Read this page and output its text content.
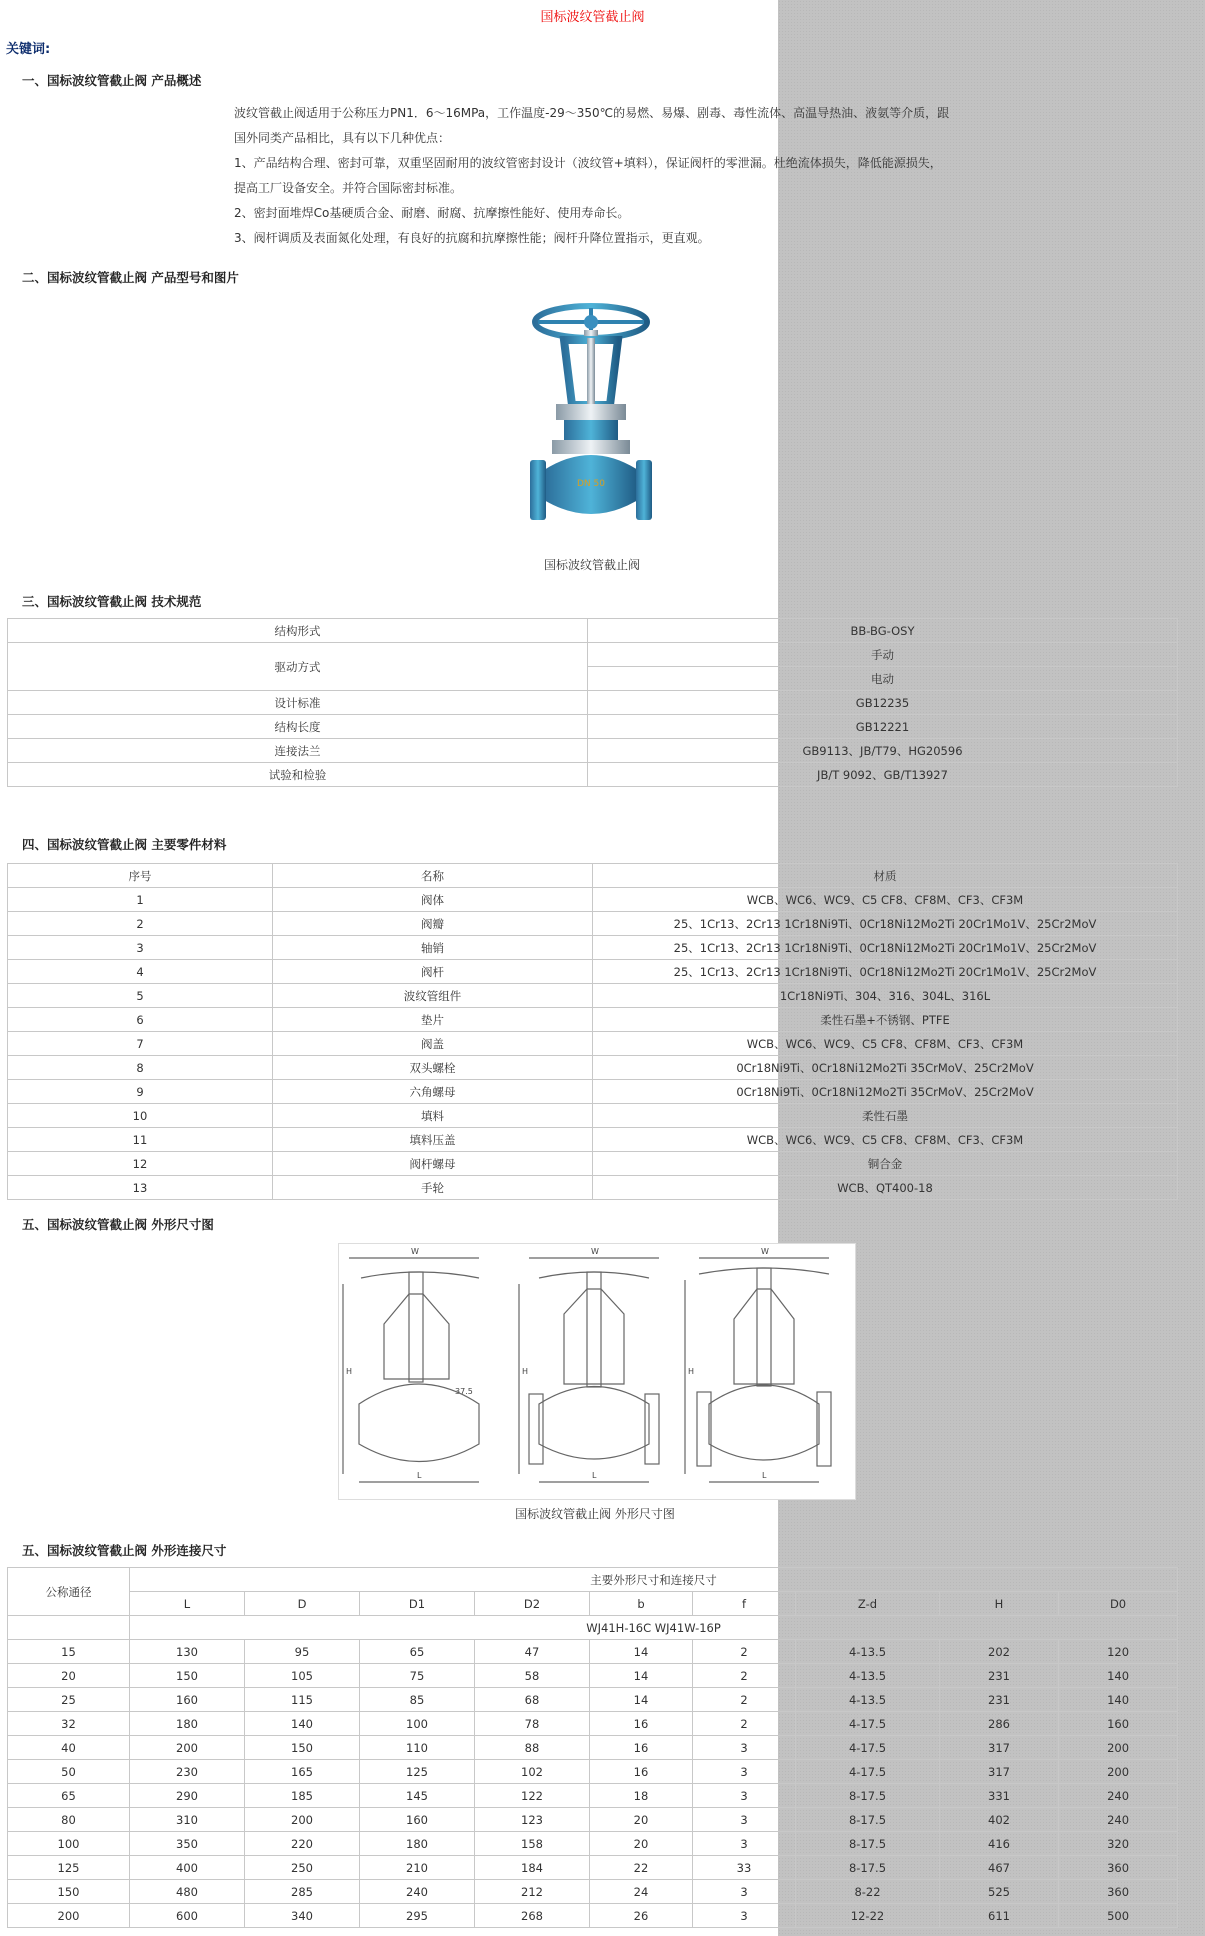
国标波纹管截止阀
关键词:
一、国标波纹管截止阀 产品概述
波纹管截止阀适用于公称压力PN1．6～16MPa，工作温度-29～350℃的易燃、易爆、剧毒、毒性流体、高温导热油、液氨等介质，跟
国外同类产品相比，具有以下几种优点：
1、产品结构合理、密封可靠，双重坚固耐用的波纹管密封设计（波纹管+填料），保证阀杆的零泄漏。杜绝流体损失，降低能源损失，
提高工厂设备安全。并符合国际密封标准。
2、密封面堆焊Co基硬质合金、耐磨、耐腐、抗摩擦性能好、使用寿命长。
3、阀杆调质及表面氮化处理，有良好的抗腐和抗摩擦性能；阀杆升降位置指示，更直观。
二、国标波纹管截止阀 产品型号和图片
DN 50
国标波纹管截止阀
三、国标波纹管截止阀 技术规范
结构形式	BB-BG-OSY
驱动方式	手动
	电动
设计标准	GB12235
结构长度	GB12221
连接法兰	GB9113、JB/T79、HG20596
试验和检验	JB/T 9092、GB/T13927
四、国标波纹管截止阀 主要零件材料
序号	名称	材质
1	阀体	WCB、WC6、WC9、C5 CF8、CF8M、CF3、CF3M
2	阀瓣	25、1Cr13、2Cr13 1Cr18Ni9Ti、0Cr18Ni12Mo2Ti 20Cr1Mo1V、25Cr2MoV
3	轴销	25、1Cr13、2Cr13 1Cr18Ni9Ti、0Cr18Ni12Mo2Ti 20Cr1Mo1V、25Cr2MoV
4	阀杆	25、1Cr13、2Cr13 1Cr18Ni9Ti、0Cr18Ni12Mo2Ti 20Cr1Mo1V、25Cr2MoV
5	波纹管组件	1Cr18Ni9Ti、304、316、304L、316L
6	垫片	柔性石墨+不锈钢、PTFE
7	阀盖	WCB、WC6、WC9、C5 CF8、CF8M、CF3、CF3M
8	双头螺栓	0Cr18Ni9Ti、0Cr18Ni12Mo2Ti 35CrMoV、25Cr2MoV
9	六角螺母	0Cr18Ni9Ti、0Cr18Ni12Mo2Ti 35CrMoV、25Cr2MoV
10	填料	柔性石墨
11	填料压盖	WCB、WC6、WC9、C5 CF8、CF8M、CF3、CF3M
12	阀杆螺母	铜合金
13	手轮	WCB、QT400-18
五、国标波纹管截止阀 外形尺寸图
W	W	W
H	H	H
L	L	L
37.5
国标波纹管截止阀 外形尺寸图
五、国标波纹管截止阀 外形连接尺寸
公称通径	主要外形尺寸和连接尺寸								
	L	D	D1	D2	b	f	Z-d	H	D0
	WJ41H-16C WJ41W-16P								
15	130	95	65	47	14	2	4-13.5	202	120
20	150	105	75	58	14	2	4-13.5	231	140
25	160	115	85	68	14	2	4-13.5	231	140
32	180	140	100	78	16	2	4-17.5	286	160
40	200	150	110	88	16	3	4-17.5	317	200
50	230	165	125	102	16	3	4-17.5	317	200
65	290	185	145	122	18	3	8-17.5	331	240
80	310	200	160	123	20	3	8-17.5	402	240
100	350	220	180	158	20	3	8-17.5	416	320
125	400	250	210	184	22	33	8-17.5	467	360
150	480	285	240	212	24	3	8-22	525	360
200	600	340	295	268	26	3	12-22	611	500
